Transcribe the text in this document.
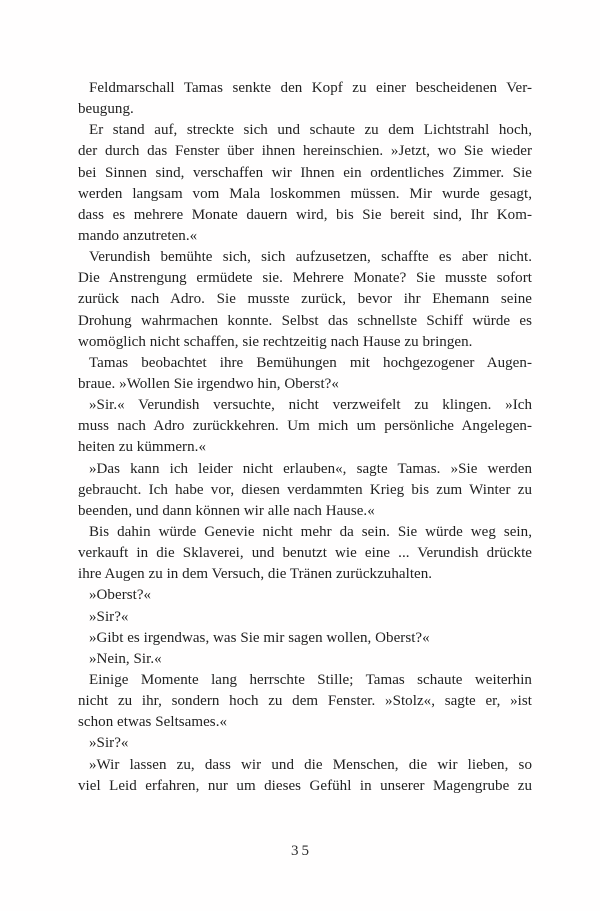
Feldmarschall Tamas senkte den Kopf zu einer bescheidenen Ver-
beugung.
Er stand auf, streckte sich und schaute zu dem Lichtstrahl hoch,
der durch das Fenster über ihnen hereinschien. »Jetzt, wo Sie wieder
bei Sinnen sind, verschaffen wir Ihnen ein ordentliches Zimmer. Sie
werden langsam vom Mala loskommen müssen. Mir wurde gesagt,
dass es mehrere Monate dauern wird, bis Sie bereit sind, Ihr Kom-
mando anzutreten.«
Verundish bemühte sich, sich aufzusetzen, schaffte es aber nicht.
Die Anstrengung ermüdete sie. Mehrere Monate? Sie musste sofort
zurück nach Adro. Sie musste zurück, bevor ihr Ehemann seine
Drohung wahrmachen konnte. Selbst das schnellste Schiff würde es
womöglich nicht schaffen, sie rechtzeitig nach Hause zu bringen.
Tamas beobachtet ihre Bemühungen mit hochgezogener Augen-
braue. »Wollen Sie irgendwo hin, Oberst?«
»Sir.« Verundish versuchte, nicht verzweifelt zu klingen. »Ich
muss nach Adro zurückkehren. Um mich um persönliche Angelegen-
heiten zu kümmern.«
»Das kann ich leider nicht erlauben«, sagte Tamas. »Sie werden
gebraucht. Ich habe vor, diesen verdammten Krieg bis zum Winter zu
beenden, und dann können wir alle nach Hause.«
Bis dahin würde Genevie nicht mehr da sein. Sie würde weg sein,
verkauft in die Sklaverei, und benutzt wie eine ... Verundish drückte
ihre Augen zu in dem Versuch, die Tränen zurückzuhalten.
»Oberst?«
»Sir?«
»Gibt es irgendwas, was Sie mir sagen wollen, Oberst?«
»Nein, Sir.«
Einige Momente lang herrschte Stille; Tamas schaute weiterhin
nicht zu ihr, sondern hoch zu dem Fenster. »Stolz«, sagte er, »ist
schon etwas Seltsames.«
»Sir?«
»Wir lassen zu, dass wir und die Menschen, die wir lieben, so
viel Leid erfahren, nur um dieses Gefühl in unserer Magengrube zu
35
